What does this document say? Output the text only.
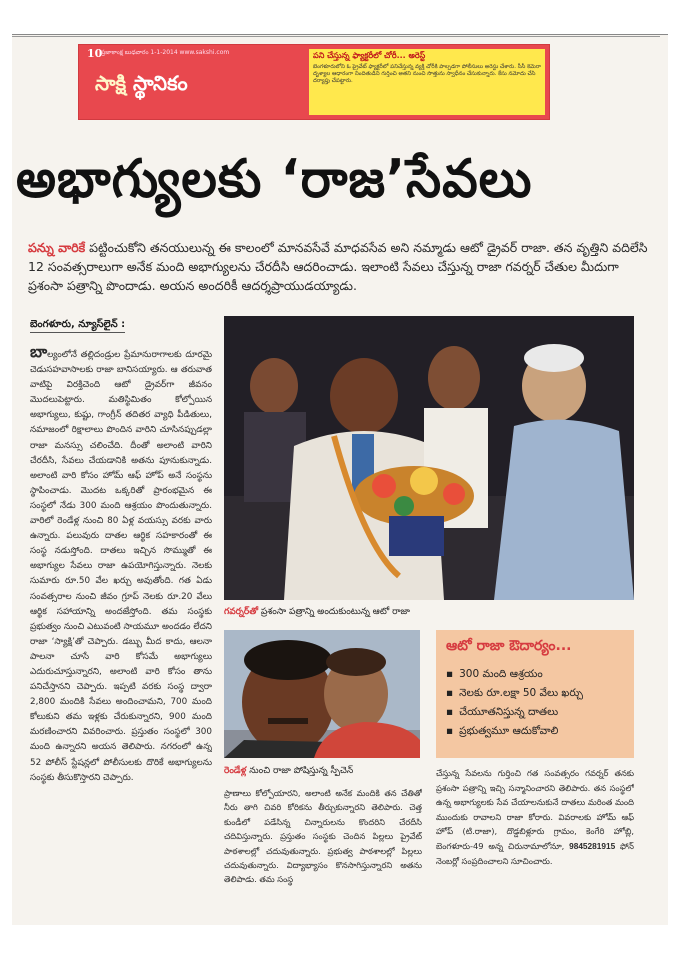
10
ప్రజాకాంక్ష బుధవారం 1-1-2014 www.sakshi.com
సాక్షి స్థానికం
పని చేస్తున్న ఫ్యాక్టరీలో చోరీ... అరెస్ట్
బెంగళూరులోని ఓ ప్రైవేట్ ఫ్యాక్టరీలో పనిచేస్తున్న వ్యక్తి చోరీకి పాల్పడగా పోలీసులు అరెస్టు చేశారు. సీసీ కెమెరా దృశ్యాల ఆధారంగా నిందితుడిని గుర్తించి అతని నుంచి సొత్తును స్వాధీనం చేసుకున్నారు. కేసు నమోదు చేసి దర్యాప్తు చేపట్టారు.
అభాగ్యులకు ‘రాజ’సేవలు
పన్ను వారికే పట్టించుకోని తనయులున్న ఈ కాలంలో మానవసేవే మాధవసేవ అని నమ్మాడు ఆటో డ్రైవర్ రాజా. తన వృత్తిని వదిలేసి 12 సంవత్సరాలుగా అనేక మంది అభాగ్యులను చేరదీసి ఆదరించాడు. ఇలాంటి సేవలు చేస్తున్న రాజా గవర్నర్ చేతుల మీదుగా ప్రశంసా పత్రాన్ని పొందాడు. అయన అందరికీ ఆదర్శప్రాయుడయ్యాడు.
బెంగళూరు, న్యూస్‌లైన్ :
బాల్యంలోనే తల్లిదండ్రుల ప్రేమానురాగాలకు దూరమై చెడుసహవాసాలకు రాజా బానిసయ్యారు. ఆ తరువాత వాటిపై విరక్తిచెంది ఆటో డ్రైవర్‌గా జీవనం మొదలుపెట్టారు. మతిస్థిమితం కోల్పోయిన అభాగ్యులు, కుష్టు, గాంగ్రీన్ తదితర వ్యాధి పీడితులు, నమాజంలో రిక్షాలాలు పొందిన వారిని చూసినప్పుడల్లా రాజా మనస్సు చలించేది. దీంతో అలాంటి వారిని చేరదీసి, సేవలు చేయడానికి అతను పూనుకున్నాడు. అలాంటి వారి కోసం హోమ్ ఆఫ్ హోప్ అనే సంస్థను స్థాపించాడు. మొదట ఒక్కరితో ప్రారంభమైన ఈ సంస్థలో నేడు 300 మంది ఆశ్రయం పొందుతున్నారు. వారిలో రెండేళ్ల నుంచి 80 ఏళ్ల వయస్సు వరకు వారు ఉన్నారు. పలువురు దాతల ఆర్థిక సహకారంతో ఈ సంస్థ నడుస్తోంది. దాతలు ఇచ్చిన సొమ్ముతో ఈ అభాగ్యుల సేవలు రాజా ఉపయోగిస్తున్నారు. నెలకు సుమారు రూ.50 వేల ఖర్చు అవుతోంది. గత ఏడు సంవత్సరాల నుంచి జీవం గ్రూప్ నెలకు రూ.20 వేలు ఆర్థిక సహాయాన్ని అందజేస్తోంది. తమ సంస్థకు ప్రభుత్వం నుంచి ఎటువంటి సాయమూ అందడం లేదని రాజా ‘స్యాక్షి’తో చెప్పారు. డబ్బు మీద కాదు, ఆలనా పాలనా చూసే వారి కోసమే అభాగ్యులు ఎదురుచూస్తున్నారని, అలాంటి వారి కోసం తాను పనిచేస్తానని చెప్పారు. ఇప్పటి వరకు సంస్థ ద్వారా 2,800 మందికి సేవలు అందించామని, 700 మంది కోలుకుని తమ ఇళ్లకు చేరుకున్నారని, 900 మంది మరణించారని వివరించారు. ప్రస్తుతం సంస్థలో 300 మంది ఉన్నారని అయన తెలిపారు. నగరంలో ఉన్న 52 పోలీస్ స్టేషన్లలో పోలీసులకు దొరికే అభాగ్యులను సంస్థకు తీసుకొస్తారని చెప్పారు.
గవర్నర్‌తో ప్రశంసా పత్రాన్ని అందుకుంటున్న ఆటో రాజా
రెండేళ్ల నుంచి రాజా పోషిస్తున్న స్పీచెన్
ఆటో రాజా ఔదార్యం...
▪ 300 మంది ఆశ్రయం
▪ నెలకు రూ.లక్షా 50 వేలు ఖర్చు
▪ చేయూతనిస్తున్న దాతలు
▪ ప్రభుత్వమూ ఆదుకోవాలి
ప్రాణాలు కోల్పోయారని, అలాంటి అనేక మందికి తన చేతితో నీరు తాగి చివరి కోరికను తీర్చుకున్నారని తెలిపారు. చెత్త కుండీలో పడేసిన్న చిన్నారులను కొందరిని చేరదీసి చదివిస్తున్నారు. ప్రస్తుతం సంస్థకు చెందిన పిల్లలు ప్రైవేట్ పాఠశాలల్లో చదువుతున్నారు. ప్రభుత్వ పాఠశాలల్లో పిల్లలు చదువుతున్నారు. విద్యాభ్యాసం కొనసాగిస్తున్నారని అతను తెలిపాడు. తమ సంస్థ
చేస్తున్న సేవలను గుర్తించి గత సంవత్సరం గవర్నర్ తనకు ప్రశంసా పత్రాన్ని ఇచ్చి సన్మానించారని తెలిపారు. తన సంస్థలో ఉన్న అభాగ్యులకు సేవ చేయాలనుకునే దాతలు మరింత మంది ముందుకు రావాలని రాజా కోరారు. వివరాలకు హోమ్ ఆఫ్ హోప్ (టి.రాజా), దొడ్డబిళ్లూరు గ్రామం, కెంగేరి హోబ్లి, బెంగళూరు-49 అన్న చిరునామాలోనూ, 9845281915 ఫోన్ నెంబర్లో సంప్రదించాలని సూచించారు.
